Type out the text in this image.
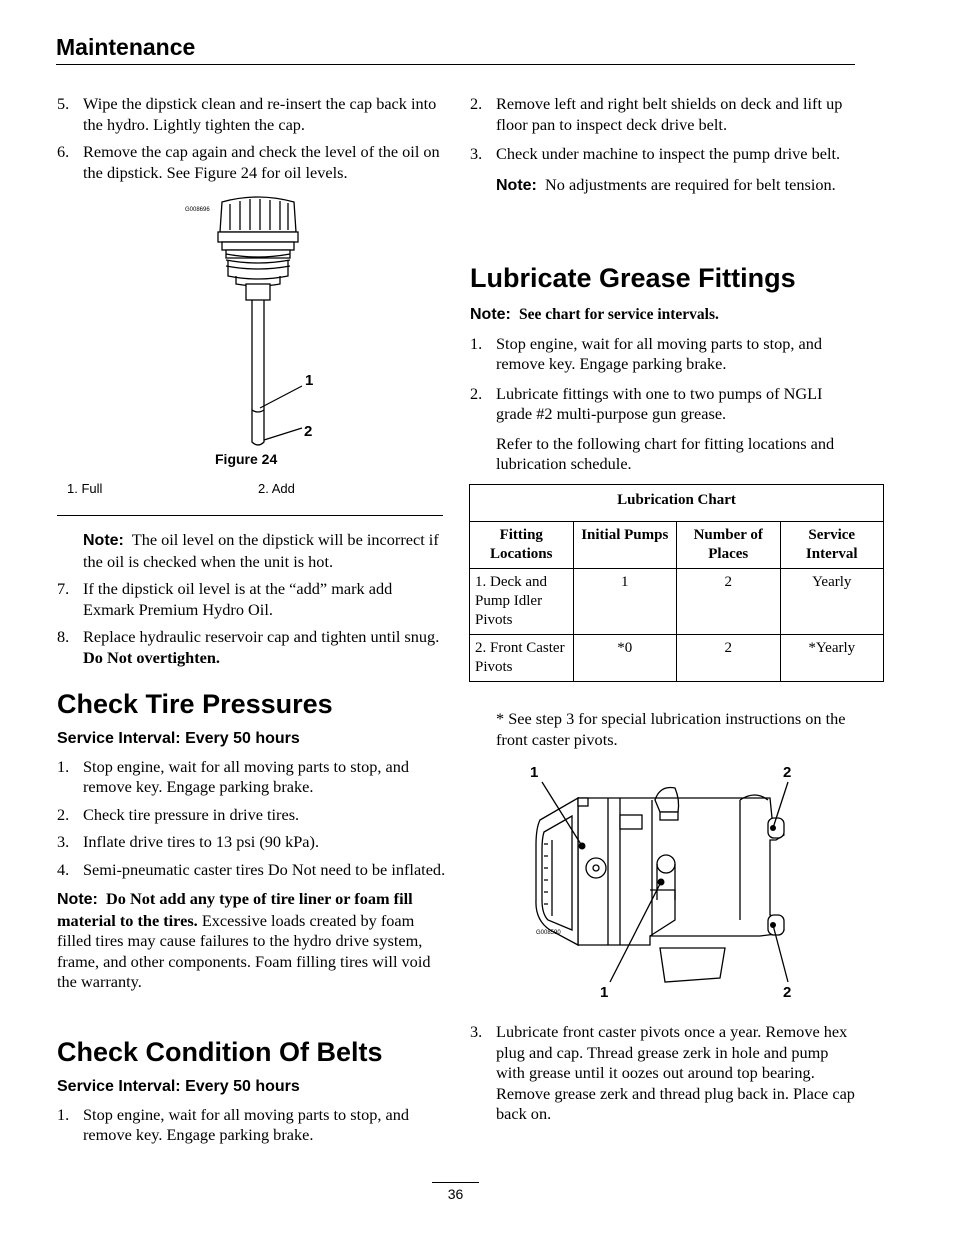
Maintenance

5. Wipe the dipstick clean and re-insert the cap back into the hydro. Lightly tighten the cap.

6. Remove the cap again and check the level of the oil on the dipstick. See Figure 24 for oil levels.

G008696
1
2
Figure 24
1. Full	2. Add

Note: The oil level on the dipstick will be incorrect if the oil is checked when the unit is hot.

7. If the dipstick oil level is at the “add” mark add Exmark Premium Hydro Oil.

8. Replace hydraulic reservoir cap and tighten until snug. Do Not overtighten.

Check Tire Pressures
Service Interval: Every 50 hours

1. Stop engine, wait for all moving parts to stop, and remove key. Engage parking brake.

2. Check tire pressure in drive tires.

3. Inflate drive tires to 13 psi (90 kPa).

4. Semi-pneumatic caster tires Do Not need to be inflated.

Note: Do Not add any type of tire liner or foam fill material to the tires. Excessive loads created by foam filled tires may cause failures to the hydro drive system, frame, and other components. Foam filling tires will void the warranty.

Check Condition Of Belts
Service Interval: Every 50 hours

1. Stop engine, wait for all moving parts to stop, and remove key. Engage parking brake.

2. Remove left and right belt shields on deck and lift up floor pan to inspect deck drive belt.

3. Check under machine to inspect the pump drive belt.

Note: No adjustments are required for belt tension.

Lubricate Grease Fittings

Note: See chart for service intervals.

1. Stop engine, wait for all moving parts to stop, and remove key. Engage parking brake.

2. Lubricate fittings with one to two pumps of NGLI grade #2 multi-purpose gun grease.

Refer to the following chart for fitting locations and lubrication schedule.

Lubrication Chart			
Fitting Locations	Initial Pumps	Number of Places	Service Interval
1. Deck and Pump Idler Pivots	1	2	Yearly
2. Front Caster Pivots	*0	2	*Yearly
* See step 3 for special lubrication instructions on the front caster pivots.
1	2
1	2
G008590

3. Lubricate front caster pivots once a year. Remove hex plug and cap. Thread grease zerk in hole and pump with grease until it oozes out around top bearing. Remove grease zerk and thread plug back in. Place cap back on.

36
